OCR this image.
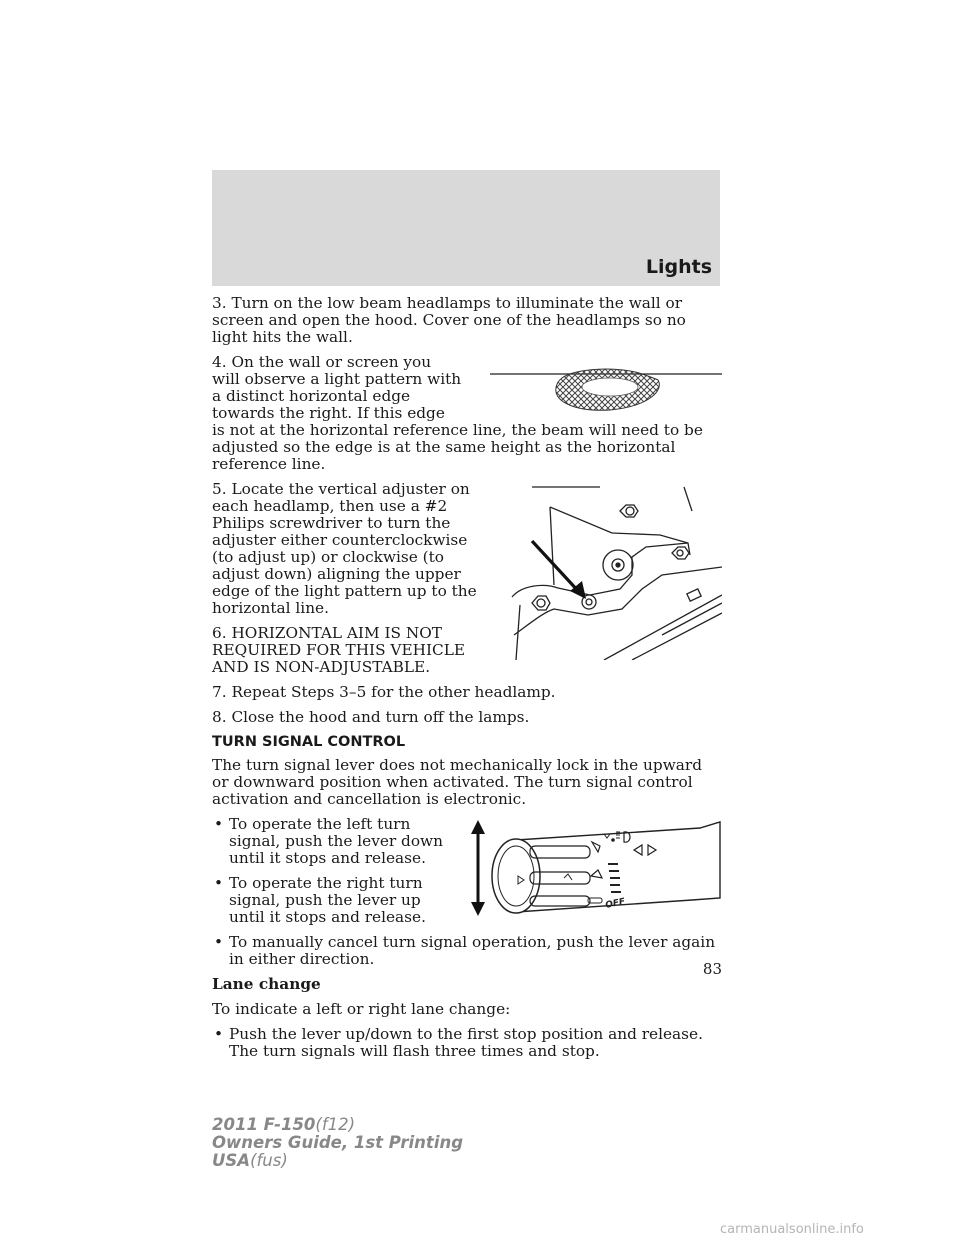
Lights

3. Turn on the low beam headlamps to illuminate the wall or screen and open the hood. Cover one of the headlamps so no light hits the wall.

4. On the wall or screen you will observe a light pattern with a distinct horizontal edge towards the right. If this edge is not at the horizontal reference line, the beam will need to be adjusted so the edge is at the same height as the horizontal reference line.

5. Locate the vertical adjuster on each headlamp, then use a #2 Philips screwdriver to turn the adjuster either counterclockwise (to adjust up) or clockwise (to adjust down) aligning the upper edge of the light pattern up to the horizontal line.

6. HORIZONTAL AIM IS NOT REQUIRED FOR THIS VEHICLE AND IS NON-ADJUSTABLE.

7. Repeat Steps 3–5 for the other headlamp.

8. Close the hood and turn off the lamps.

TURN SIGNAL CONTROL

The turn signal lever does not mechanically lock in the upward or downward position when activated. The turn signal control activation and cancellation is electronic.

OFF
• To operate the left turn signal, push the lever down until it stops and release.
• To operate the right turn signal, push the lever up until it stops and release.
• To manually cancel turn signal operation, push the lever again in either direction.

Lane change

To indicate a left or right lane change:

• Push the lever up/down to the first stop position and release. The turn signals will flash three times and stop.
83
2011 F-150(f12)
Owners Guide, 1st Printing
USA(fus)
carmanualsonline.info
